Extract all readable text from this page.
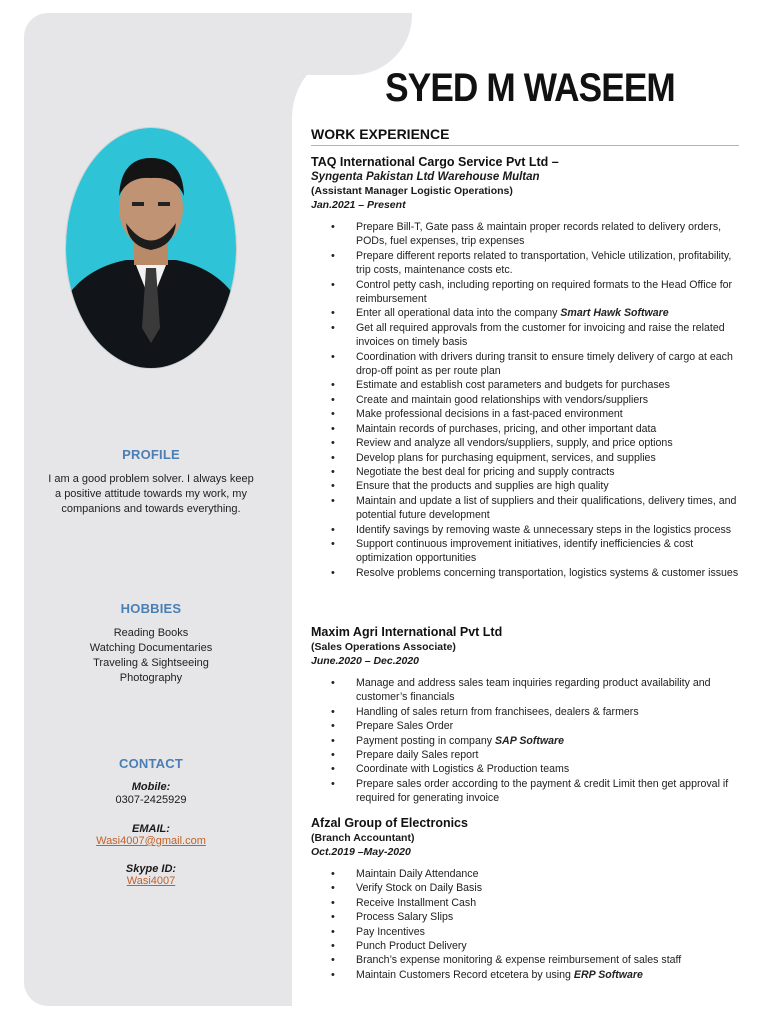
PROFILE
I am a good problem solver. I always keep a positive attitude towards my work, my companions and towards everything.
HOBBIES
Reading Books
Watching Documentaries
Traveling & Sightseeing
Photography
CONTACT
Mobile:
0307-2425929
EMAIL:
Wasi4007@gmail.com
Skype ID:
Wasi4007
SYED M WASEEM
WORK EXPERIENCE

TAQ International Cargo Service Pvt Ltd –

Syngenta Pakistan Ltd Warehouse Multan

(Assistant Manager Logistic Operations)

Jan.2021 – Present

• Prepare Bill-T, Gate pass & maintain proper records related to delivery orders, PODs, fuel expenses, trip expenses
• Prepare different reports related to transportation, Vehicle utilization, profitability, trip costs, maintenance costs etc.
• Control petty cash, including reporting on required formats to the Head Office for reimbursement
• Enter all operational data into the company Smart Hawk Software
• Get all required approvals from the customer for invoicing and raise the related invoices on timely basis
• Coordination with drivers during transit to ensure timely delivery of cargo at each drop-off point as per route plan
• Estimate and establish cost parameters and budgets for purchases
• Create and maintain good relationships with vendors/suppliers
• Make professional decisions in a fast-paced environment
• Maintain records of purchases, pricing, and other important data
• Review and analyze all vendors/suppliers, supply, and price options
• Develop plans for purchasing equipment, services, and supplies
• Negotiate the best deal for pricing and supply contracts
• Ensure that the products and supplies are high quality
• Maintain and update a list of suppliers and their qualifications, delivery times, and potential future development
• Identify savings by removing waste & unnecessary steps in the logistics process
• Support continuous improvement initiatives, identify inefficiencies & cost optimization opportunities
• Resolve problems concerning transportation, logistics systems & customer issues

Maxim Agri International Pvt Ltd

(Sales Operations Associate)

June.2020 – Dec.2020

• Manage and address sales team inquiries regarding product availability and customer’s financials
• Handling of sales return from franchisees, dealers & farmers
• Prepare Sales Order
• Payment posting in company SAP Software
• Prepare daily Sales report
• Coordinate with Logistics & Production teams
• Prepare sales order according to the payment & credit Limit then get approval if required for generating invoice

Afzal Group of Electronics

(Branch Accountant)

Oct.2019 –May-2020

• Maintain Daily Attendance
• Verify Stock on Daily Basis
• Receive Installment Cash
• Process Salary Slips
• Pay Incentives
• Punch Product Delivery
• Branch’s expense monitoring & expense reimbursement of sales staff
• Maintain Customers Record etcetera by using ERP Software
